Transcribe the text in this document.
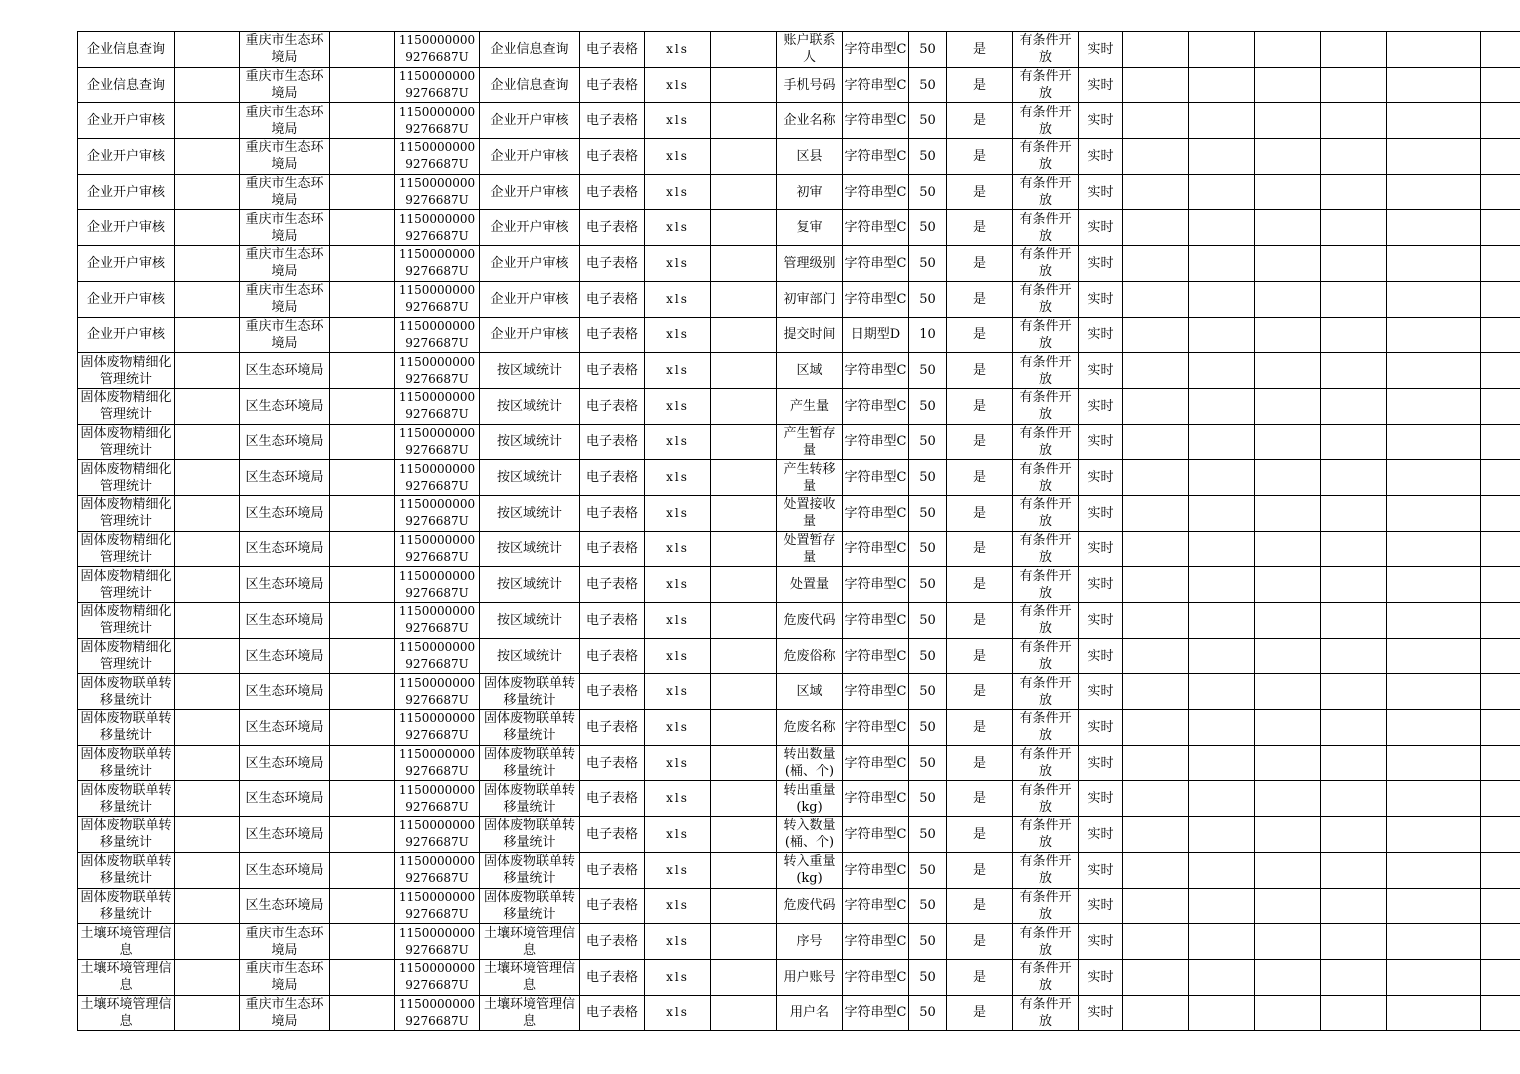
企业信息查询		重庆市生态环境局		11500000009276687U	企业信息查询	电子表格	xls		账户联系人	字符串型C	50	是	有条件开放	实时						
企业信息查询		重庆市生态环境局		11500000009276687U	企业信息查询	电子表格	xls		手机号码	字符串型C	50	是	有条件开放	实时						
企业开户审核		重庆市生态环境局		11500000009276687U	企业开户审核	电子表格	xls		企业名称	字符串型C	50	是	有条件开放	实时						
企业开户审核		重庆市生态环境局		11500000009276687U	企业开户审核	电子表格	xls		区县	字符串型C	50	是	有条件开放	实时						
企业开户审核		重庆市生态环境局		11500000009276687U	企业开户审核	电子表格	xls		初审	字符串型C	50	是	有条件开放	实时						
企业开户审核		重庆市生态环境局		11500000009276687U	企业开户审核	电子表格	xls		复审	字符串型C	50	是	有条件开放	实时						
企业开户审核		重庆市生态环境局		11500000009276687U	企业开户审核	电子表格	xls		管理级别	字符串型C	50	是	有条件开放	实时						
企业开户审核		重庆市生态环境局		11500000009276687U	企业开户审核	电子表格	xls		初审部门	字符串型C	50	是	有条件开放	实时						
企业开户审核		重庆市生态环境局		11500000009276687U	企业开户审核	电子表格	xls		提交时间	日期型D	10	是	有条件开放	实时						
固体废物精细化管理统计		区生态环境局		11500000009276687U	按区域统计	电子表格	xls		区域	字符串型C	50	是	有条件开放	实时						
固体废物精细化管理统计		区生态环境局		11500000009276687U	按区域统计	电子表格	xls		产生量	字符串型C	50	是	有条件开放	实时						
固体废物精细化管理统计		区生态环境局		11500000009276687U	按区域统计	电子表格	xls		产生暂存量	字符串型C	50	是	有条件开放	实时						
固体废物精细化管理统计		区生态环境局		11500000009276687U	按区域统计	电子表格	xls		产生转移量	字符串型C	50	是	有条件开放	实时						
固体废物精细化管理统计		区生态环境局		11500000009276687U	按区域统计	电子表格	xls		处置接收量	字符串型C	50	是	有条件开放	实时						
固体废物精细化管理统计		区生态环境局		11500000009276687U	按区域统计	电子表格	xls		处置暂存量	字符串型C	50	是	有条件开放	实时						
固体废物精细化管理统计		区生态环境局		11500000009276687U	按区域统计	电子表格	xls		处置量	字符串型C	50	是	有条件开放	实时						
固体废物精细化管理统计		区生态环境局		11500000009276687U	按区域统计	电子表格	xls		危废代码	字符串型C	50	是	有条件开放	实时						
固体废物精细化管理统计		区生态环境局		11500000009276687U	按区域统计	电子表格	xls		危废俗称	字符串型C	50	是	有条件开放	实时						
固体废物联单转移量统计		区生态环境局		11500000009276687U	固体废物联单转移量统计	电子表格	xls		区域	字符串型C	50	是	有条件开放	实时						
固体废物联单转移量统计		区生态环境局		11500000009276687U	固体废物联单转移量统计	电子表格	xls		危废名称	字符串型C	50	是	有条件开放	实时						
固体废物联单转移量统计		区生态环境局		11500000009276687U	固体废物联单转移量统计	电子表格	xls		转出数量(桶、个)	字符串型C	50	是	有条件开放	实时						
固体废物联单转移量统计		区生态环境局		11500000009276687U	固体废物联单转移量统计	电子表格	xls		转出重量(kg)	字符串型C	50	是	有条件开放	实时						
固体废物联单转移量统计		区生态环境局		11500000009276687U	固体废物联单转移量统计	电子表格	xls		转入数量(桶、个)	字符串型C	50	是	有条件开放	实时						
固体废物联单转移量统计		区生态环境局		11500000009276687U	固体废物联单转移量统计	电子表格	xls		转入重量(kg)	字符串型C	50	是	有条件开放	实时						
固体废物联单转移量统计		区生态环境局		11500000009276687U	固体废物联单转移量统计	电子表格	xls		危废代码	字符串型C	50	是	有条件开放	实时						
土壤环境管理信息		重庆市生态环境局		11500000009276687U	土壤环境管理信息	电子表格	xls		序号	字符串型C	50	是	有条件开放	实时						
土壤环境管理信息		重庆市生态环境局		11500000009276687U	土壤环境管理信息	电子表格	xls		用户账号	字符串型C	50	是	有条件开放	实时						
土壤环境管理信息		重庆市生态环境局		11500000009276687U	土壤环境管理信息	电子表格	xls		用户名	字符串型C	50	是	有条件开放	实时						
